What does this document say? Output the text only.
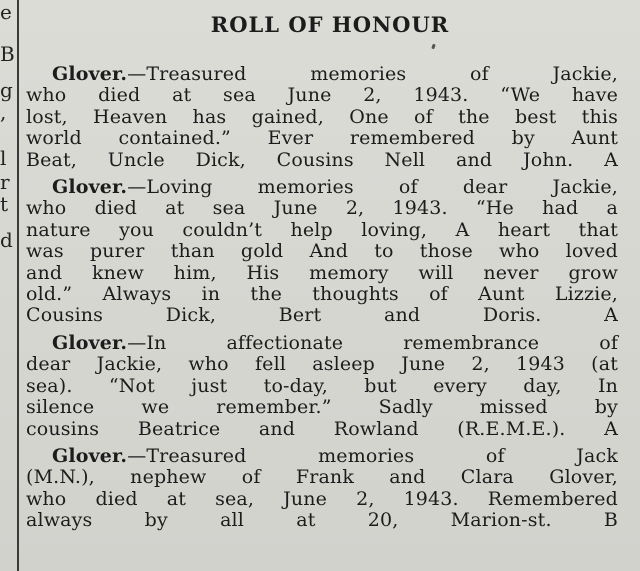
e
B
g
,
l
r
t
d
ROLL OF HONOUR
Glover.—Treasured memories of Jackie,
who died at sea June 2, 1943. “We have
lost, Heaven has gained, One of the best this
world contained.” Ever remembered by Aunt
Beat, Uncle Dick, Cousins Nell and John. A
Glover.—Loving memories of dear Jackie,
who died at sea June 2, 1943. “He had a
nature you couldn’t help loving, A heart that
was purer than gold And to those who loved
and knew him, His memory will never grow
old.” Always in the thoughts of Aunt Lizzie,
Cousins Dick, Bert and Doris. A
Glover.—In affectionate remembrance of
dear Jackie, who fell asleep June 2, 1943 (at
sea). “Not just to-day, but every day, In
silence we remember.” Sadly missed by
cousins Beatrice and Rowland (R.E.M.E.). A
Glover.—Treasured memories of Jack
(M.N.), nephew of Frank and Clara Glover,
who died at sea, June 2, 1943. Remembered
always by all at 20, Marion-st. B
